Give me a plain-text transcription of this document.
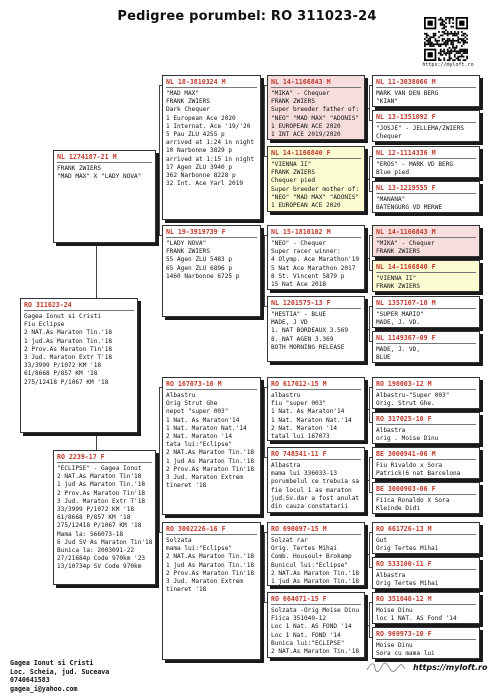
Pedigree porumbel: RO 311023-24
https://myloft.ro
RO 311023-24
Gagea Ionut si Cristi
Fiu Eclipse
2 NAT.As Maraton Tin.'18
1 jud.As Maraton Tin.'18
2 Prov.As Maraton Tin'18
3 Jud. Maraton Extr T'18
33/3999 P/1072 KM '18
61/8668 P/857 KM '18
275/12418 P/1067 KM '18
NL 1274187-21 M
FRANK ZWIERS
"MAD MAX" X "LADY NOVA"
RO 2239-17 F
"ECLIPSE" - Gagea Ionut
2 NAT.As Maraton Tin'18
1 jud As Maraton Tin.'18
2 Prov.As Maraton Tin'18
3 Jud. Maraton Extr T'18
33/3999 P/1072 KM '18
61/8668 P/857 KM '18
275/12418 P/1067 KM '18
Mama la: 566073-18
6 Jud SV As Maraton Tin'18
Bunica la: 2003091-22
27/21684p Code 970km '23
13/10734p SV Code 970km
NL 18-3810324 M
"MAD MAX"
FRANK ZWIERS
Dark Chequer
1 European Ace 2020
1 Internat. Ace '19/'20
5 Pau ZLU 4255 p
arrived at 1:24 in night
10 Narbonne 3829 p
arrived at 1:15 in night
17 Agen ZLU 3940 p
362 Narbonne 8228 p
32 Int. Ace Yarl 2019
NL 19-3919739 F
"LADY NOVA"
FRANK ZWIERS
55 Agen ZLU 5483 p
65 Agen ZLU 6896 p
1460 Narbonne 6725 p
RO 167073-16 M
Albastru
Orig Strut Ghe
nepot "super 003"
1 Nat. As Maraton'14
1 Nat. Maraton Nat.'14
2 Nat. Maraton '14
tata lui:"Eclipse"
2 NAT.As Maraton Tin.'18
1 jud As Maraton Tin.'18
2 Prov.As Maraton Tin'18
3 Jud. Maraton Extrem
tineret '18
RO 3002226-16 F
Solzata
mama lui:"Eclipse"
2 NAT.As Maraton Tin.'18
1 jud As Maraton Tin.'18
2 Prov.As Maraton Tin'18
3 Jud. Maraton Extrem
tineret '18
NL 14-1166843 M
"MIKA" - Chequer
FRANK ZWIERS
Super breeder father of:
"NEO" "MAD MAX" "ADONIS"
1 EUROPEAN ACE 2020
1 INT ACE 2019/2020
NL 14-1166840 F
"VIENNA II"
FRANK ZWIERS
Chequer pied
Super breeder mother of:
"NEO" "MAD MAX" "ADONIS"
1 EUROPEAN ACE 2020
NL 15-1810102 M
"NEO" - Chequer
Super racer winner:
4 Olymp. Ace Marathon'19
5 Nat Ace Marathon 2017
8 St. Vincent 5879 p
15 Nat Ace 2018
NL 1201575-13 F
"HESTIA" - BLUE
MADE, J VD
1. NAT BORDEAUX 3.569
8. NAT AGEN 3.369
BOTH MORNING RELEASE
RO 617012-15 M
albastru
fiu "super 003"
1 Nat. As Maraton'14
1 Nat. Maraton Nat.'14
2 Nat. Maraton '14
tatal lui 167073
RO 748541-11 F
Albastra
mama lui 336033-13
porumbelul ce trebuia sa
fie locul 1 as maraton
jud.Sv.dar a fost anulat
din cauza constatarii
RO 690097-15 M
Solzat rar
Orig. Tertes Mihai
Comb. Housoul+ Brokamp
Bunicul lui:"Eclipse"
2 NAT.As Maraton Tin.'18
1 jud As Maraton Tin.'18
RO 664071-15 F
Solzata -Orig Moise Dinu
Fiica 351040-12
Loc 1 Nat. AS FOND '14
Loc 1 Nat. FOND '14
Bunica lui:"ECLIPSE"
2 NAT.As Maraton Tin.'18
NL 11-3038066 M
MARK VAN DEN BERG
"KIAN"
NL 13-1351092 F
"JOSJE" - JELLEMA/ZWIERS
Chequer
NL 12-1114336 M
"EROS" - MARK VD BERG
Blue pied
NL 13-1219555 F
"MANANA"
BATENGURG VD MERWE
NL 14-1166843 M
"MIKA" - Chequer
FRANK ZWIERS
NL 14-1166840 F
"VIENNA II"
FRANK ZWIERS
NL 1357107-10 M
"SUPER MARIO"
MADE, J. VD.
NL 1149367-09 F
MADE, J. VD,
BLUE
RO 198003-12 M
Albastru-"Super 003"
Orig. Strut Ghe.
RO 317025-10 F
Albastra
orig . Moise Dinu
BE 3000941-06 M
Fiu Rivaldo x Sora
Patrick(6 nat Barcelona
BE 3000903-06 F
Fiica Ronaldo X Sora
Kleinde Didi
RO 661726-13 M
Gut
Orig Tertes Mihai
RO 533100-11 F
Albastra
Orig Tertes Mihai
RO 351040-12 M
Moise Dinu
loc 1 NAT. AS Fond '14
RO 969973-10 F
Moise Dinu
Sora cu mama lui
Gagea Ionut si Cristi
Loc. Scheia, jud. Suceava
0740641583
gagea_i@yahoo.com
https://myloft.ro
